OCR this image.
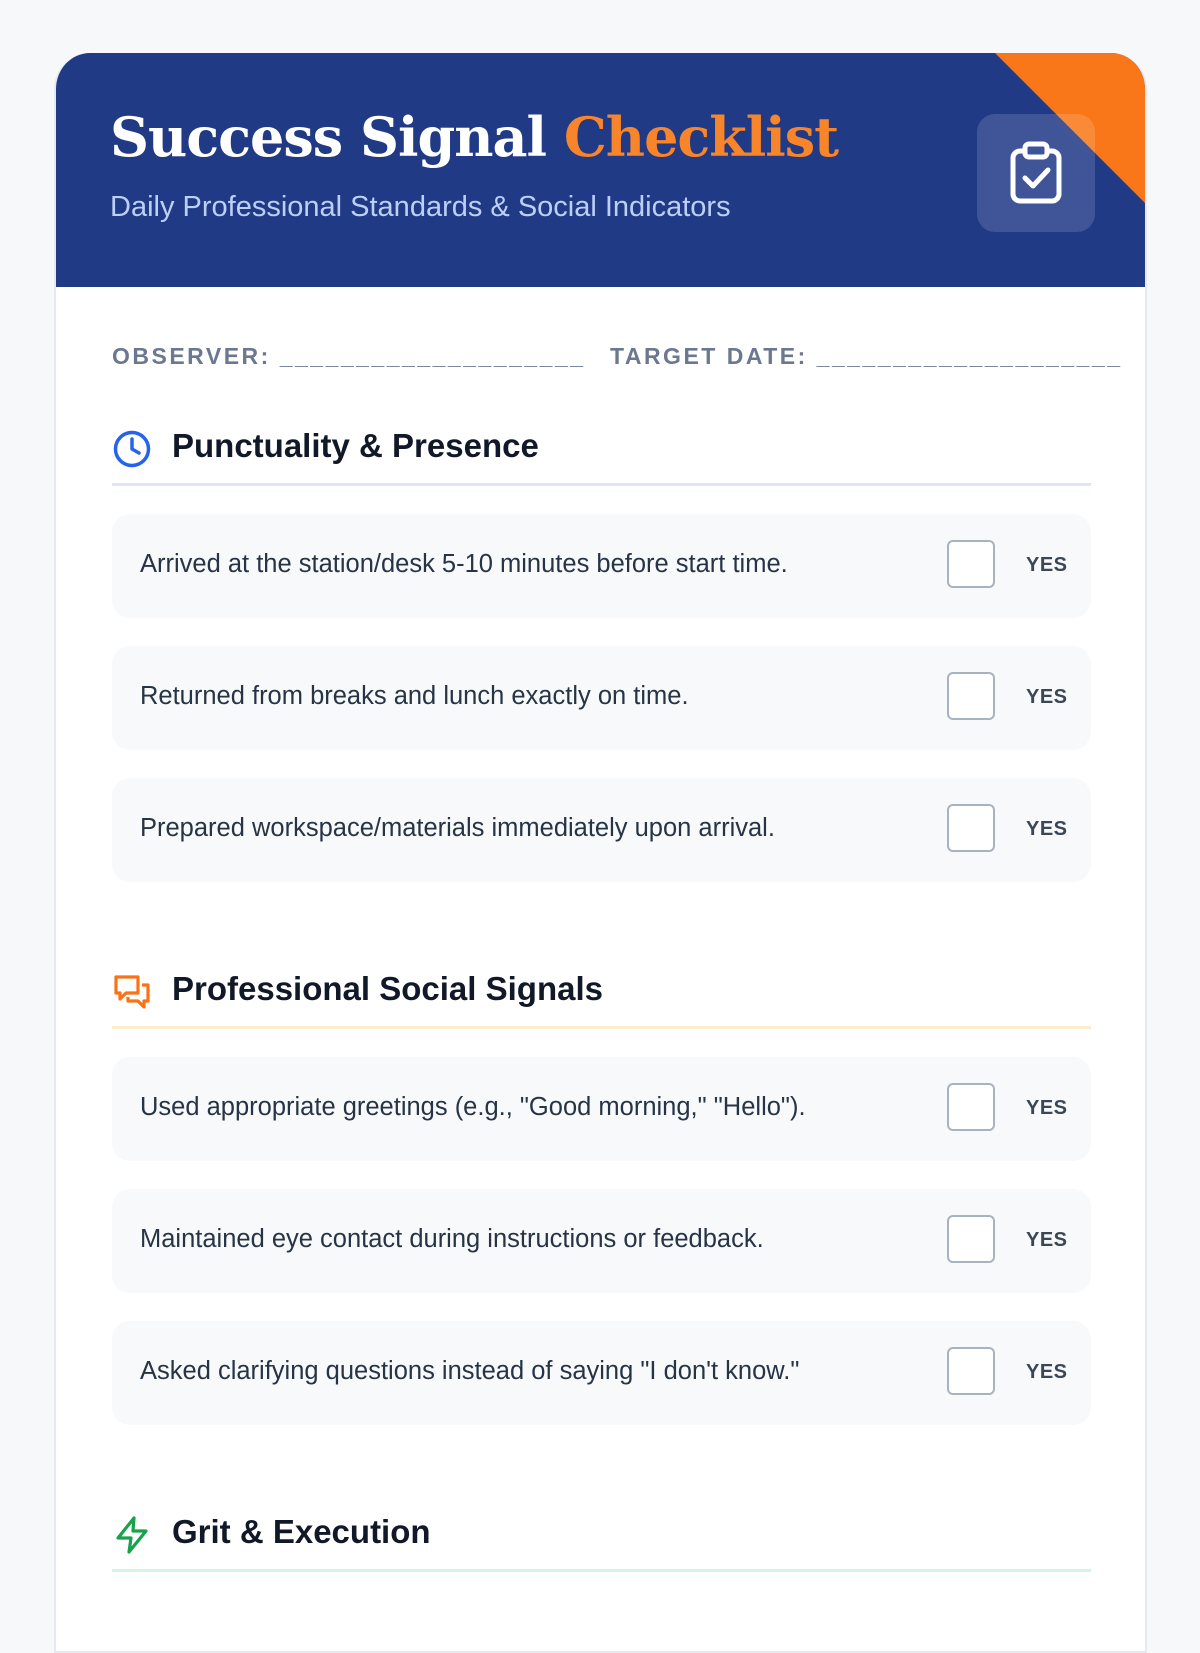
Success Signal Checklist
Daily Professional Standards & Social Indicators
OBSERVER: ____________________ TARGET DATE: ____________________
Punctuality & Presence
Arrived at the station/desk 5-10 minutes before start time.	YES
Returned from breaks and lunch exactly on time.	YES
Prepared workspace/materials immediately upon arrival.	YES
Professional Social Signals
Used appropriate greetings (e.g., "Good morning," "Hello").	YES
Maintained eye contact during instructions or feedback.	YES
Asked clarifying questions instead of saying "I don't know."	YES
Grit & Execution
